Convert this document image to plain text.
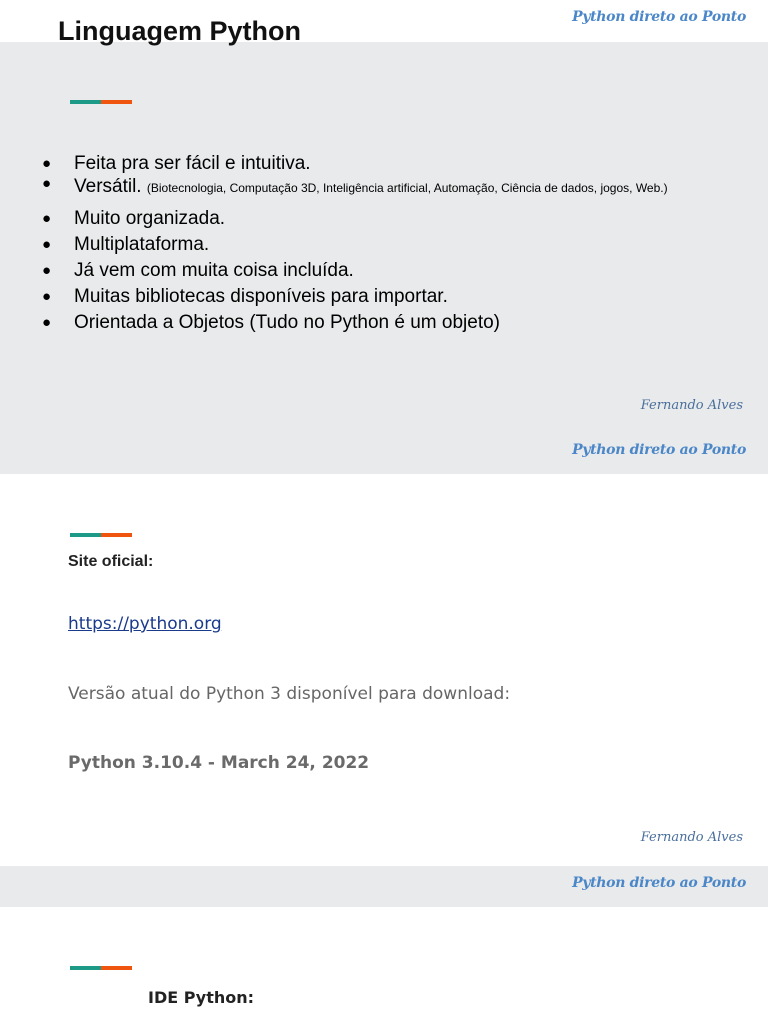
Python direto ao Ponto
● Feita pra ser fácil e intuitiva.
● Versátil. (Biotecnologia, Computação 3D, Inteligência artificial, Automação, Ciência de dados, jogos, Web.)
● Muito organizada.
● Multiplataforma.
● Já vem com muita coisa incluída.
● Muitas bibliotecas disponíveis para importar.
● Orientada a Objetos (Tudo no Python é um objeto)
Fernando Alves
Python direto ao Ponto
Linguagem Python
Site oficial:
https://python.org
Versão atual do Python 3 disponível para download:
Python 3.10.4 - March 24, 2022
Fernando Alves
Python direto ao Ponto
IDE Python:
